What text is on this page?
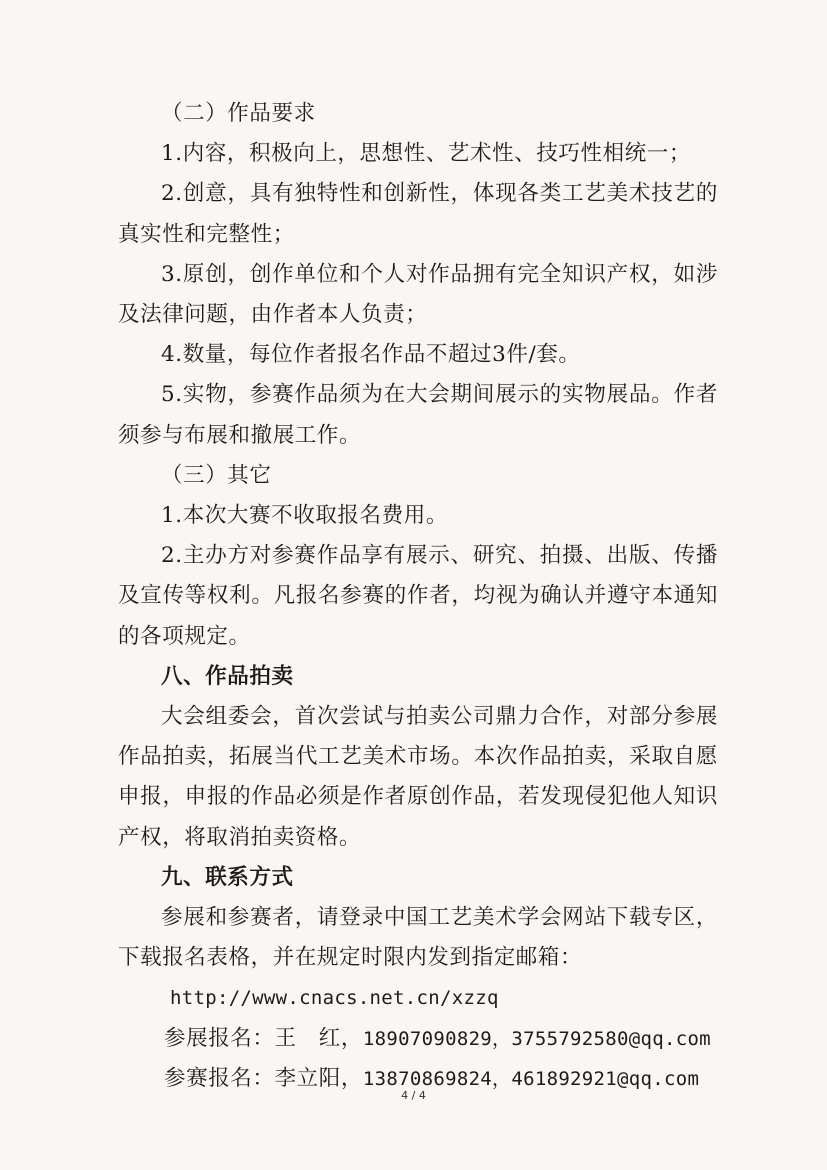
（二）作品要求

1.内容，积极向上，思想性、艺术性、技巧性相统一；

2.创意，具有独特性和创新性，体现各类工艺美术技艺的真实性和完整性；

3.原创，创作单位和个人对作品拥有完全知识产权，如涉及法律问题，由作者本人负责；

4.数量，每位作者报名作品不超过3件/套。

5.实物，参赛作品须为在大会期间展示的实物展品。作者须参与布展和撤展工作。

（三）其它

1.本次大赛不收取报名费用。

2.主办方对参赛作品享有展示、研究、拍摄、出版、传播及宣传等权利。凡报名参赛的作者，均视为确认并遵守本通知的各项规定。

八、作品拍卖

大会组委会，首次尝试与拍卖公司鼎力合作，对部分参展作品拍卖，拓展当代工艺美术市场。本次作品拍卖，采取自愿申报，申报的作品必须是作者原创作品，若发现侵犯他人知识产权，将取消拍卖资格。

九、联系方式

参展和参赛者，请登录中国工艺美术学会网站下载专区，下载报名表格，并在规定时限内发到指定邮箱：

http://www.cnacs.net.cn/xzzq

参展报名：王　红，18907090829，3755792580@qq.com

参赛报名：李立阳，13870869824，461892921@qq.com

4 / 4
